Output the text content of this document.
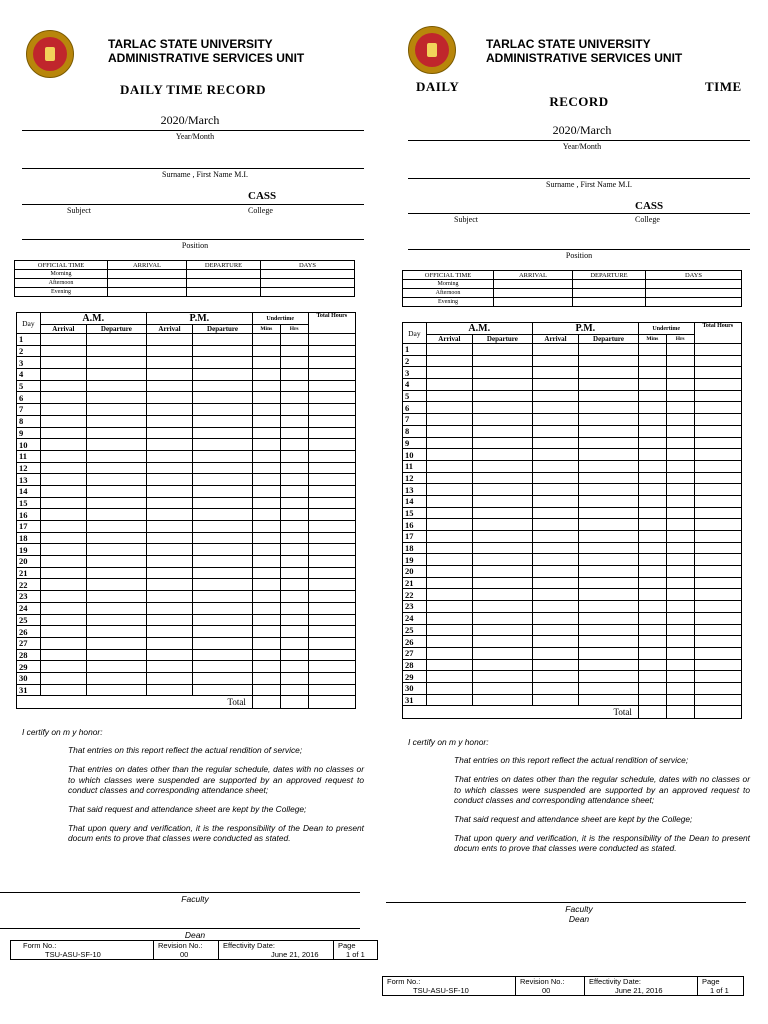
TARLAC STATE UNIVERSITY
ADMINISTRATIVE SERVICES UNIT
DAILY TIME RECORD
2020/March
Year/Month
Surname , First Name M.I.
CASS
Subject	College
Position
OFFICIAL TIME	ARRIVAL	DEPARTURE	DAYS
Morning			
Afternoon			
Evening			
Day	A.M.		P.M.		Undertime		Total Hours
	Arrival	Departure	Arrival	Departure	Mins	Hrs	
1							
2							
3							
4							
5							
6							
7							
8							
9							
10							
11							
12							
13							
14							
15							
16							
17							
18							
19							
20							
21							
22							
23							
24							
25							
26							
27							
28							
29							
30							
31							
Total							
I certify on m y honor:

That entries on this report reflect the actual rendition of service;

That entries on dates other than the regular schedule, dates with no classes or to which classes were suspended are supported by an approved request to conduct classes and corresponding attendance sheet;

That said request and attendance sheet are kept by the College;

That upon query and verification, it is the responsibility of the Dean to present docum ents to prove that classes were conducted as stated.

Faculty
Dean
Form No.:	Revision No.:	Effectivity Date:	Page
TSU-ASU-SF-10	00	June 21, 2016	1 of 1
TARLAC STATE UNIVERSITY
ADMINISTRATIVE SERVICES UNIT
DAILY	TIME
RECORD
2020/March
Year/Month
Surname , First Name M.I.
CASS
Subject	College
Position
OFFICIAL TIME	ARRIVAL	DEPARTURE	DAYS
Morning			
Afternoon			
Evening			
Day	A.M.		P.M.		Undertime		Total Hours
	Arrival	Departure	Arrival	Departure	Mins	Hrs	
1							
2							
3							
4							
5							
6							
7							
8							
9							
10							
11							
12							
13							
14							
15							
16							
17							
18							
19							
20							
21							
22							
23							
24							
25							
26							
27							
28							
29							
30							
31							
Total							
I certify on m y honor:

That entries on this report reflect the actual rendition of service;

That entries on dates other than the regular schedule, dates with no classes or to which classes were suspended are supported by an approved request to conduct classes and corresponding attendance sheet;

That said request and attendance sheet are kept by the College;

That upon query and verification, it is the responsibility of the Dean to present docum ents to prove that classes were conducted as stated.

Faculty
Dean
Form No.:	Revision No.:	Effectivity Date:	Page
TSU-ASU-SF-10	00	June 21, 2016	1 of 1
